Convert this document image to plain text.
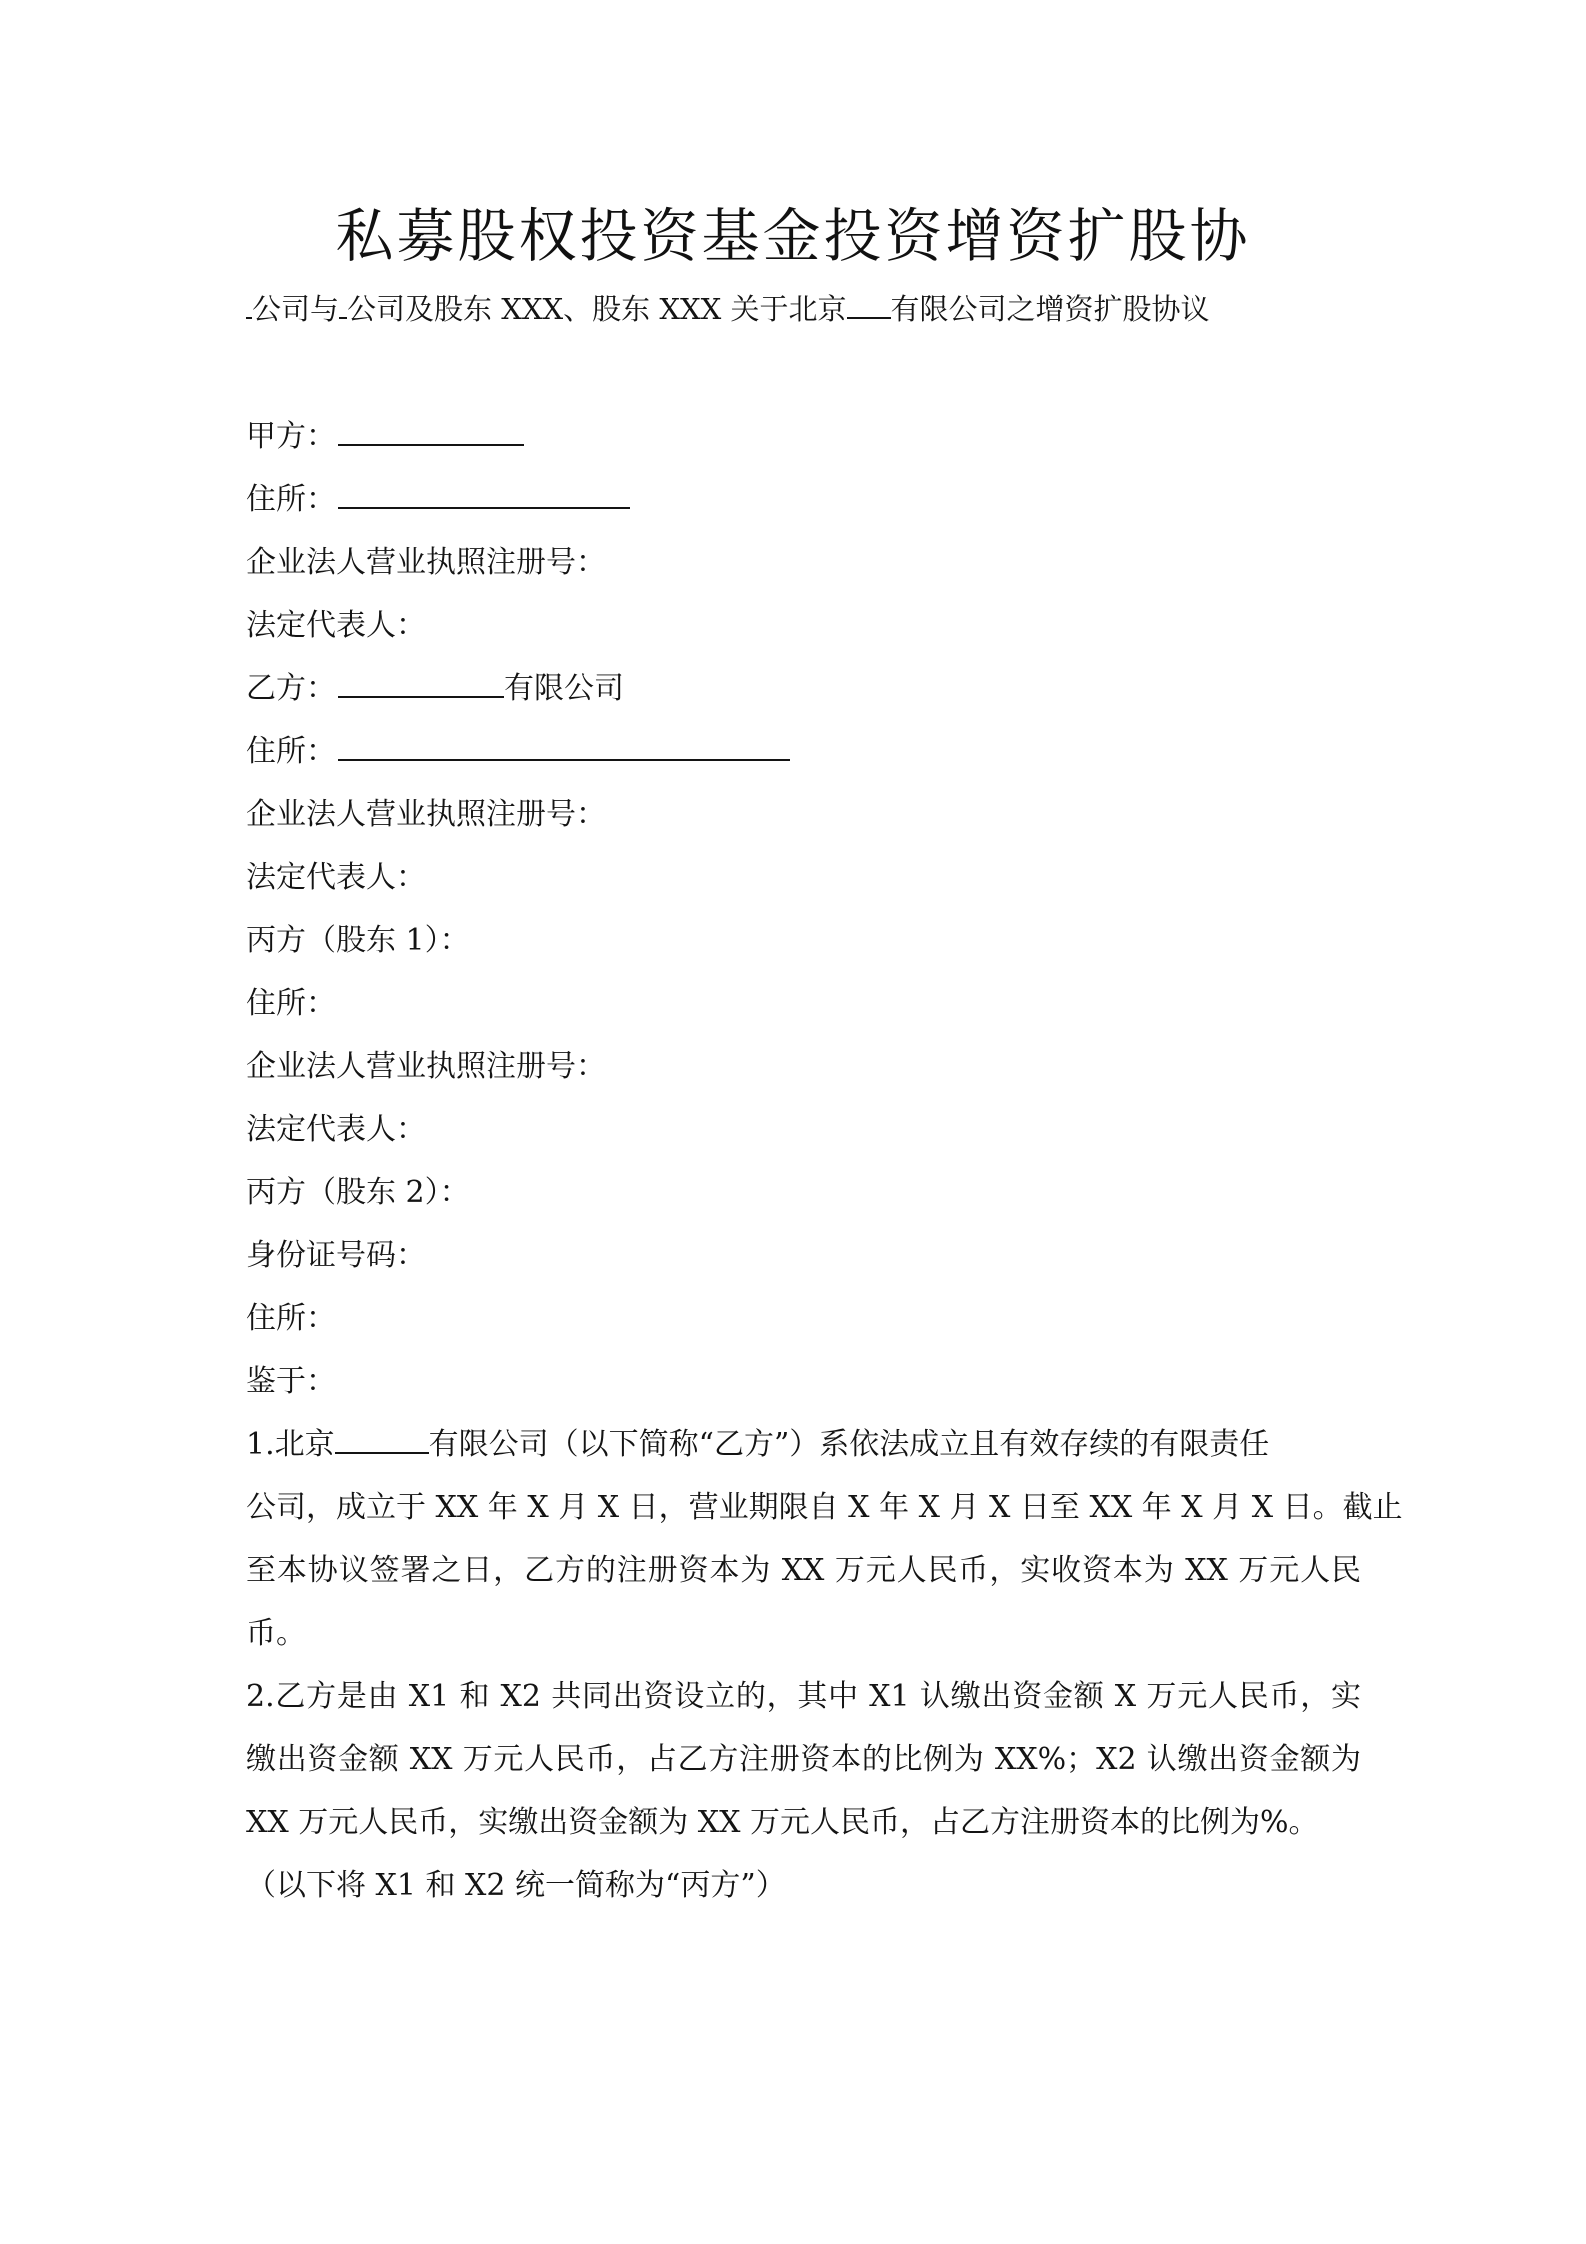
私募股权投资基金投资增资扩股协
公司与 公司及股东 XXX、股东 XXX 关于北京 有限公司之增资扩股协议
甲方：
住所：
企业法人营业执照注册号：
法定代表人：
乙方：	有限公司
住所：
企业法人营业执照注册号：
法定代表人：
丙方（股东 1）：
住所：
企业法人营业执照注册号：
法定代表人：
丙方（股东 2）：
身份证号码：
住所：
鉴于：
1.北京	有限公司（以下简称“乙方”）系依法成立且有效存续的有限责任
公司，成立于 XX 年 X 月 X 日，营业期限自 X 年 X 月 X 日至 XX 年 X 月 X 日。截止
至本协议签署之日，乙方的注册资本为 XX 万元人民币，实收资本为 XX 万元人民
币。
2.乙方是由 X1 和 X2 共同出资设立的，其中 X1 认缴出资金额 X 万元人民币，实
缴出资金额 XX 万元人民币，占乙方注册资本的比例为 XX%；X2 认缴出资金额为
XX 万元人民币，实缴出资金额为 XX 万元人民币，占乙方注册资本的比例为%。
（以下将 X1 和 X2 统一简称为“丙方”）
